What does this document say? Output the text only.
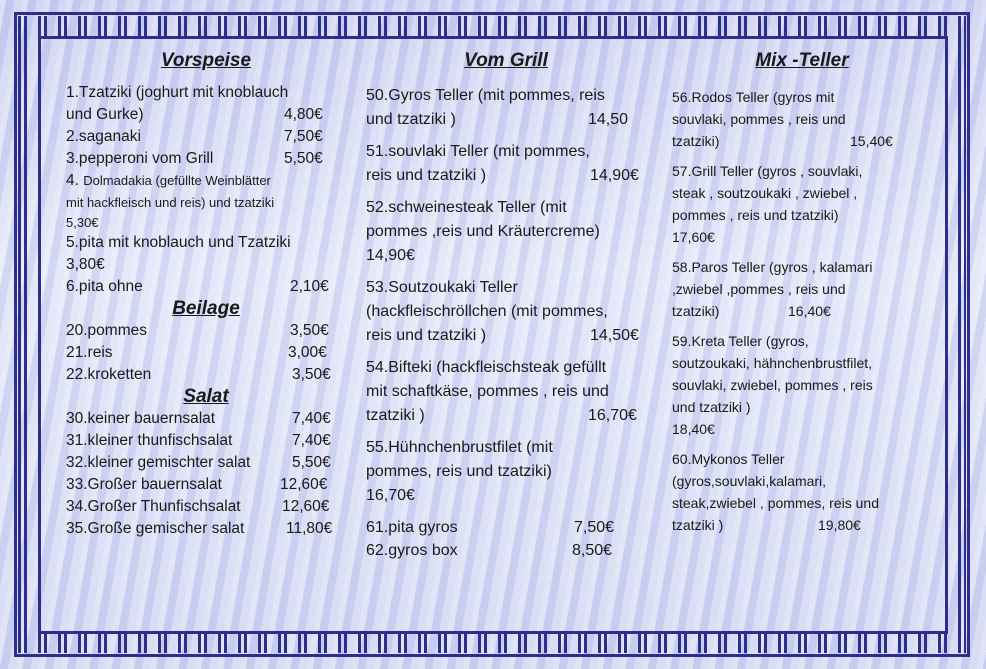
Vorspeise
1.Tzatziki (joghurt mit knoblauch
und Gurke)	4,80€
2.saganaki	7,50€
3.pepperoni vom Grill	5,50€
4. Dolmadakia (gefüllte Weinblätter
mit hackfleisch und reis) und tzatziki
5,30€
5.pita mit knoblauch und Tzatziki
3,80€
6.pita ohne	2,10€
Beilage
20.pommes	3,50€
21.reis	3,00€
22.kroketten	3,50€
Salat
30.keiner bauernsalat	7,40€
31.kleiner thunfischsalat	7,40€
32.kleiner gemischter salat	5,50€
33.Großer bauernsalat	12,60€
34.Großer Thunfischsalat	12,60€
35.Große gemischer salat	11,80€
Vom Grill
50.Gyros Teller (mit pommes, reis
und tzatziki )	14,50
51.souvlaki Teller (mit pommes,
reis und tzatziki )	14,90€
52.schweinesteak Teller (mit
pommes ,reis und Kräutercreme)
14,90€
53.Soutzoukaki Teller
(hackfleischröllchen (mit pommes,
reis und tzatziki )	14,50€
54.Bifteki (hackfleischsteak gefüllt
mit schaftkäse, pommes , reis und
tzatziki )	16,70€
55.Hühnchenbrustfilet (mit
pommes, reis und tzatziki)
16,70€
61.pita gyros	7,50€
62.gyros box	8,50€
Mix -Teller
56.Rodos Teller (gyros mit
souvlaki, pommes , reis und
tzatziki)	15,40€
57.Grill Teller (gyros , souvlaki,
steak , soutzoukaki , zwiebel ,
pommes , reis und tzatziki)
17,60€
58.Paros Teller (gyros , kalamari
,zwiebel ,pommes , reis und
tzatziki)	16,40€
59.Kreta Teller (gyros,
soutzoukaki, hähnchenbrustfilet,
souvlaki, zwiebel, pommes , reis
und tzatziki )
18,40€
60.Mykonos Teller
(gyros,souvlaki,kalamari,
steak,zwiebel , pommes, reis und
tzatziki )	19,80€
